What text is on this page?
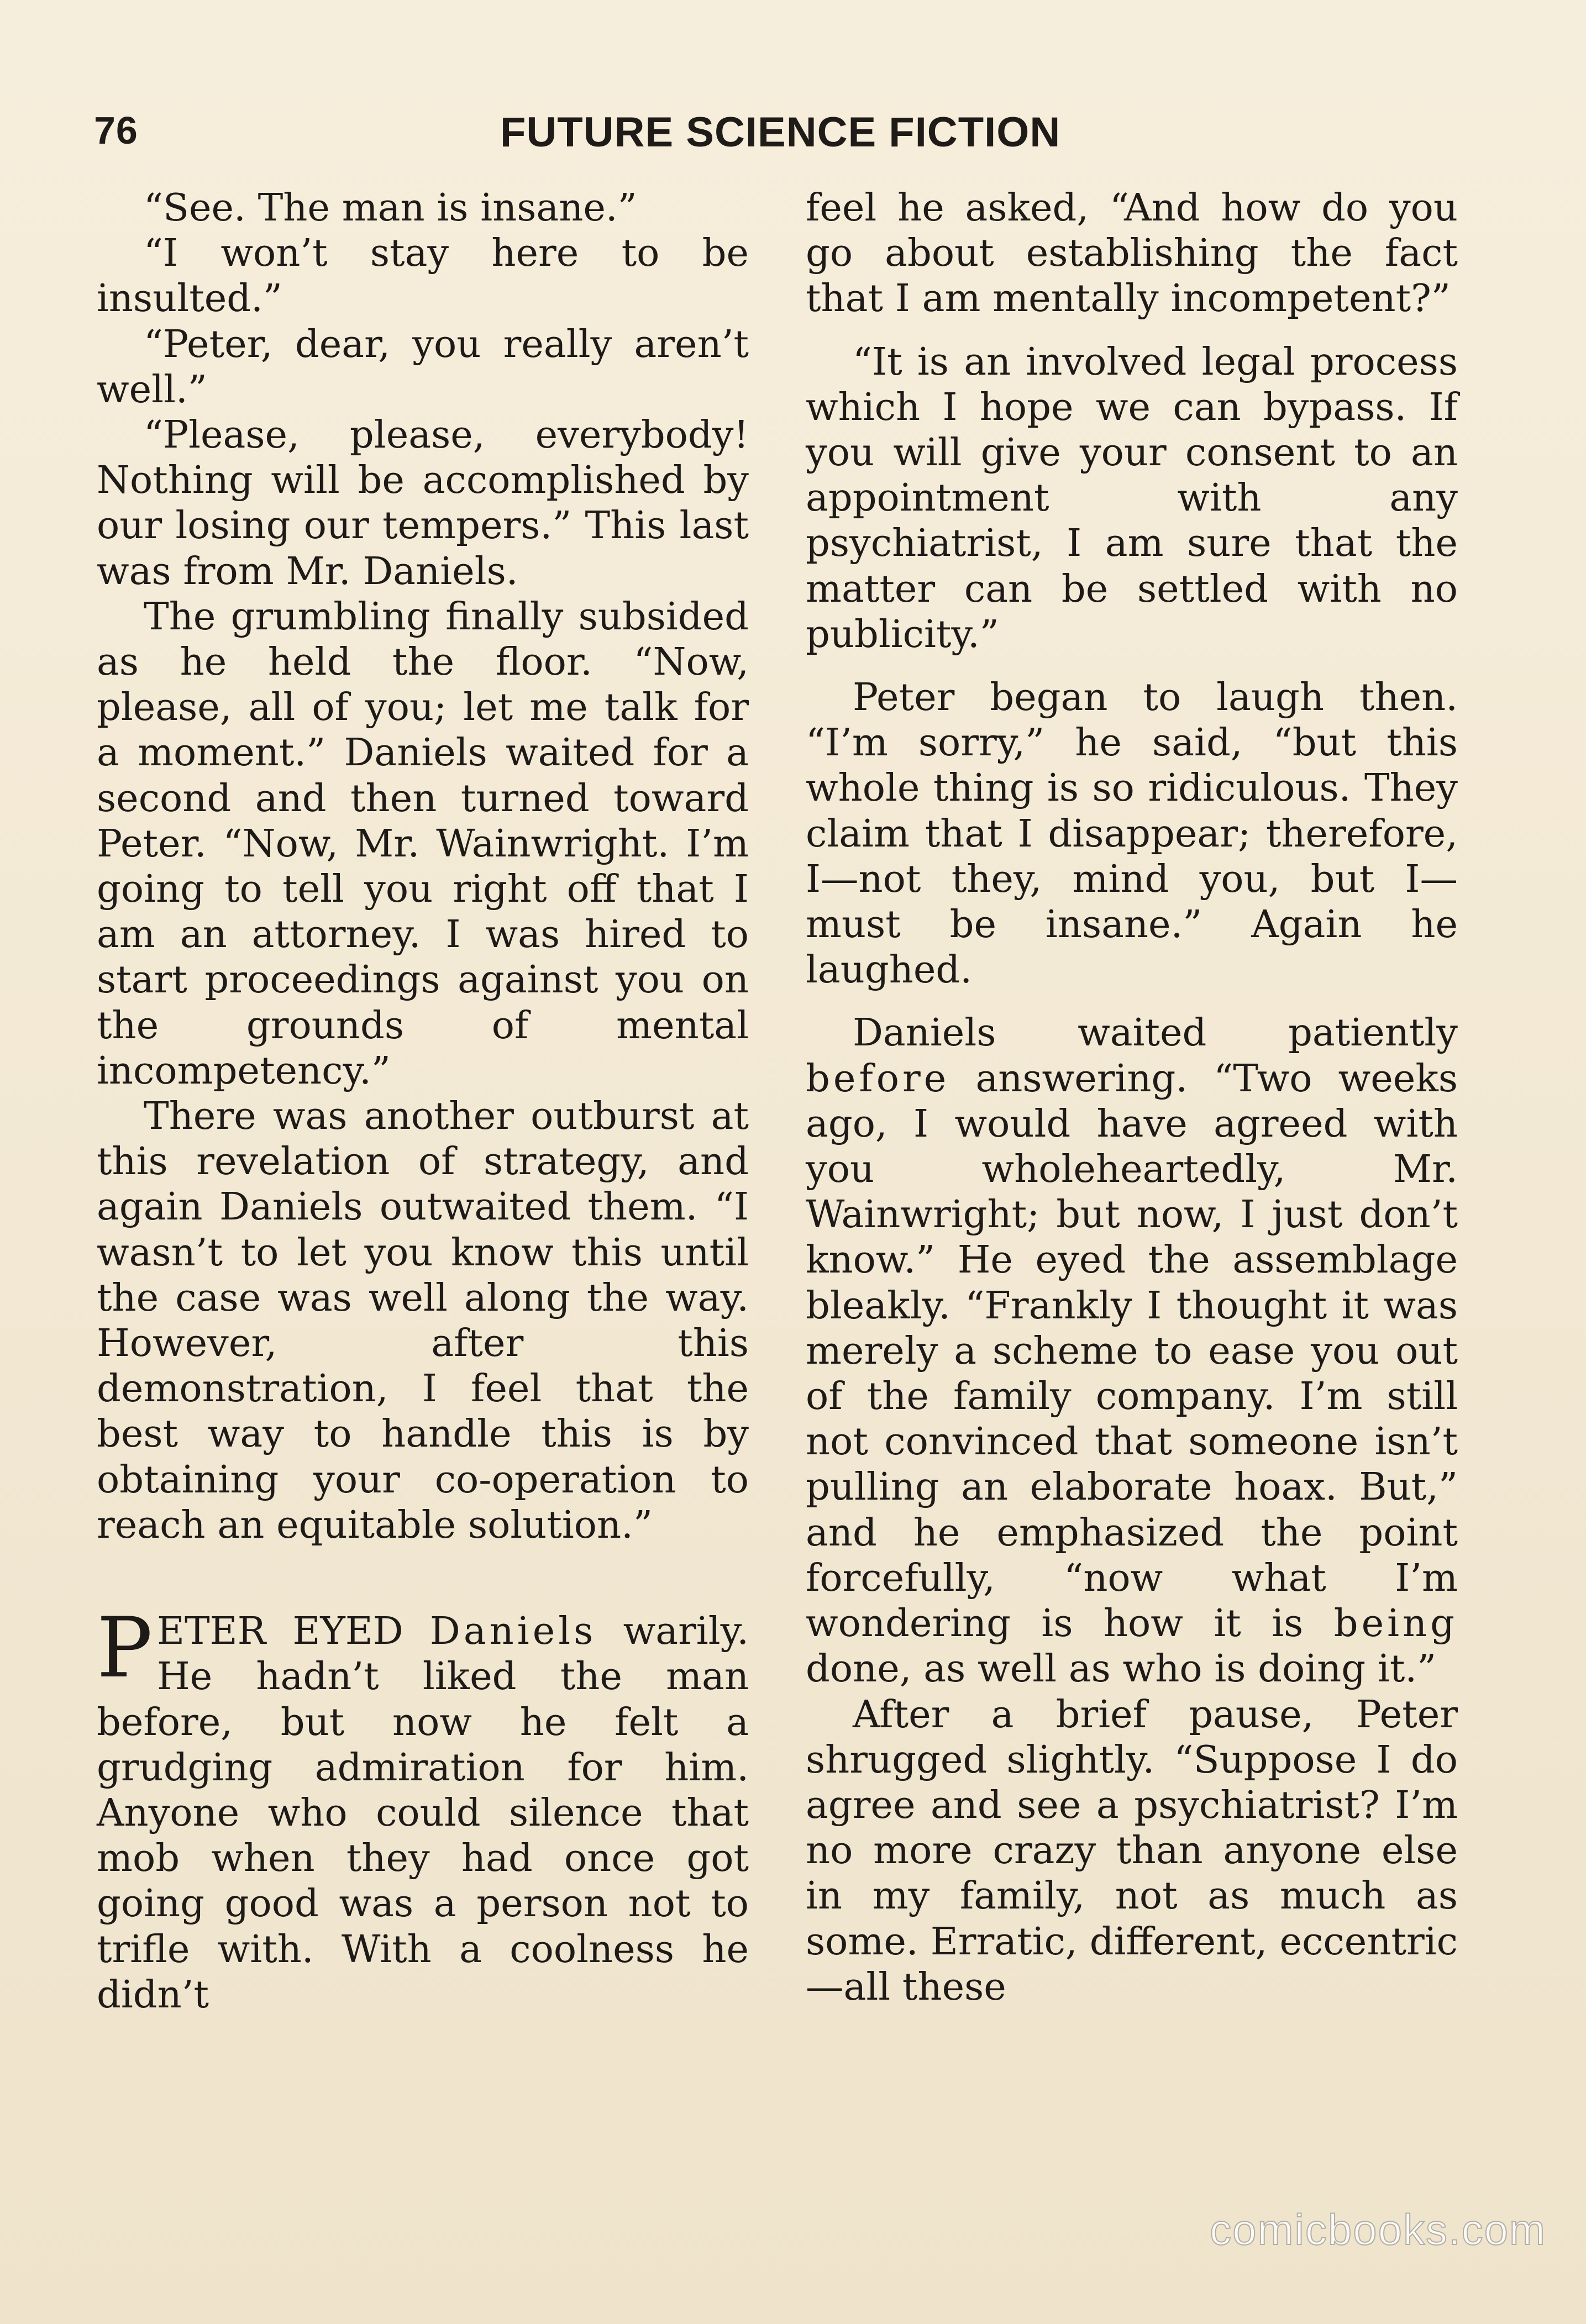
76	FUTURE SCIENCE FICTION

“See. The man is insane.”

“I won’t stay here to be insulted.”

“Peter, dear, you really aren’t well.”

“Please, please, everybody! Nothing will be accomplished by our losing our tempers.” This last was from Mr. Daniels.

The grumbling finally subsided as he held the floor. “Now, please, all of you; let me talk for a moment.” Daniels waited for a second and then turned toward Peter. “Now, Mr. Wainwright. I’m going to tell you right off that I am an attorney. I was hired to start proceedings against you on the grounds of mental incompetency.”

There was another outburst at this revelation of strategy, and again Daniels outwaited them. “I wasn’t to let you know this until the case was well along the way. However, after this demonstration, I feel that the best way to handle this is by obtaining your co-operation to reach an equitable solution.”

PETER EYED Daniels warily. He hadn’t liked the man before, but now he felt a grudging admiration for him. Anyone who could silence that mob when they had once got going good was a person not to trifle with. With a coolness he didn’t

feel he asked, “And how do you go about establishing the fact that I am mentally incompetent?”

“It is an involved legal process which I hope we can bypass. If you will give your consent to an appointment with any psychiatrist, I am sure that the matter can be settled with no publicity.”

Peter began to laugh then. “I’m sorry,” he said, “but this whole thing is so ridiculous. They claim that I disappear; therefore, I—not they, mind you, but I—must be insane.” Again he laughed.

Daniels waited patiently before answering. “Two weeks ago, I would have agreed with you wholeheartedly, Mr. Wainwright; but now, I just don’t know.” He eyed the assemblage bleakly. “Frankly I thought it was merely a scheme to ease you out of the family company. I’m still not convinced that someone isn’t pulling an elaborate hoax. But,” and he emphasized the point forcefully, “now what I’m wondering is how it is being done, as well as who is doing it.”

After a brief pause, Peter shrugged slightly. “Suppose I do agree and see a psychiatrist? I’m no more crazy than anyone else in my family, not as much as some. Erratic, different, eccentric—all these

comicbooks.com
